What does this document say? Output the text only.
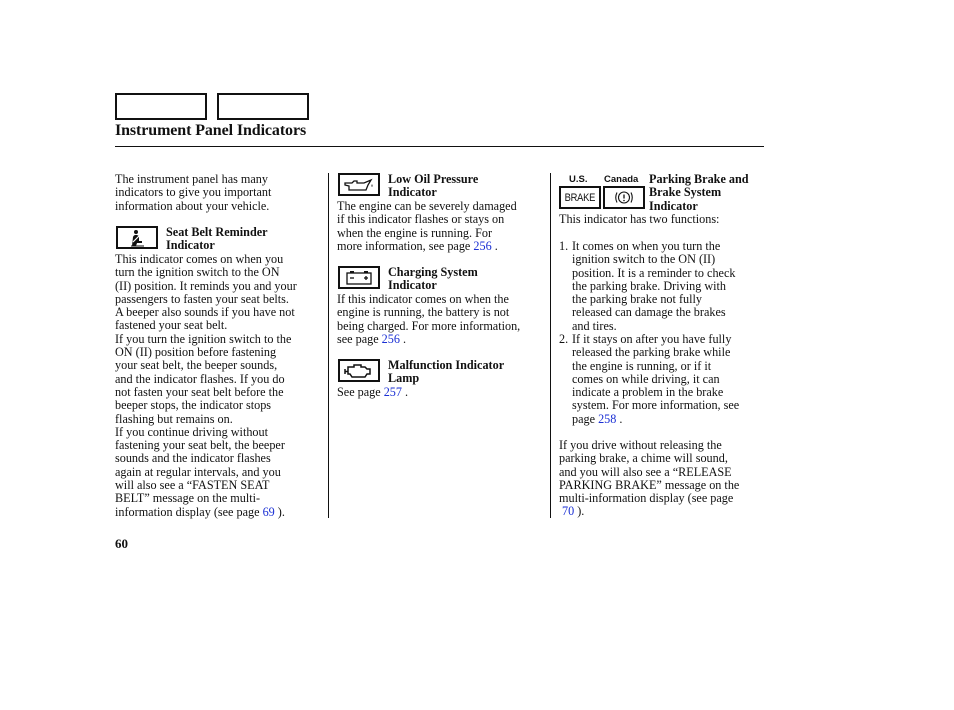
Instrument Panel Indicators
The instrument panel has many
indicators to give you important
information about your vehicle.
Seat Belt Reminder
Indicator
This indicator comes on when you
turn the ignition switch to the ON
(II) position. It reminds you and your
passengers to fasten your seat belts.
A beeper also sounds if you have not
fastened your seat belt.
If you turn the ignition switch to the
ON (II) position before fastening
your seat belt, the beeper sounds,
and the indicator flashes. If you do
not fasten your seat belt before the
beeper stops, the indicator stops
flashing but remains on.
If you continue driving without
fastening your seat belt, the beeper
sounds and the indicator flashes
again at regular intervals, and you
will also see a “FASTEN SEAT
BELT” message on the multi-
information display (see page 69 ).
Low Oil Pressure
Indicator
The engine can be severely damaged
if this indicator flashes or stays on
when the engine is running. For
more information, see page 256 .
Charging System
Indicator
If this indicator comes on when the
engine is running, the battery is not
being charged. For more information,
see page 256 .
Malfunction Indicator
Lamp
See page 257 .
U.S. Canada
BRAKE
Parking Brake and
Brake System
Indicator
This indicator has two functions:
1. It comes on when you turn the
ignition switch to the ON (II)
position. It is a reminder to check
the parking brake. Driving with
the parking brake not fully
released can damage the brakes
and tires.
2. If it stays on after you have fully
released the parking brake while
the engine is running, or if it
comes on while driving, it can
indicate a problem in the brake
system. For more information, see
page 258 .
If you drive without releasing the
parking brake, a chime will sound,
and you will also see a “RELEASE
PARKING BRAKE” message on the
multi-information display (see page
70 ).
60
